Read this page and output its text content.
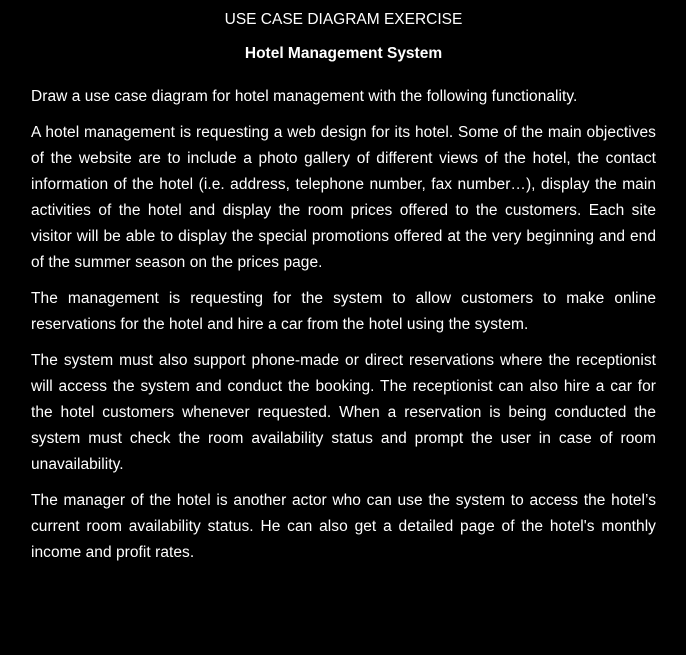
USE CASE DIAGRAM EXERCISE
Hotel Management System

Draw a use case diagram for hotel management with the following functionality.

A hotel management is requesting a web design for its hotel. Some of the main objectives of the website are to include a photo gallery of different views of the hotel, the contact information of the hotel (i.e. address, telephone number, fax number…), display the main activities of the hotel and display the room prices offered to the customers. Each site visitor will be able to display the special promotions offered at the very beginning and end of the summer season on the prices page.

The management is requesting for the system to allow customers to make online reservations for the hotel and hire a car from the hotel using the system.

The system must also support phone-made or direct reservations where the receptionist will access the system and conduct the booking. The receptionist can also hire a car for the hotel customers whenever requested. When a reservation is being conducted the system must check the room availability status and prompt the user in case of room unavailability.

The manager of the hotel is another actor who can use the system to access the hotel’s current room availability status. He can also get a detailed page of the hotel's monthly income and profit rates.
